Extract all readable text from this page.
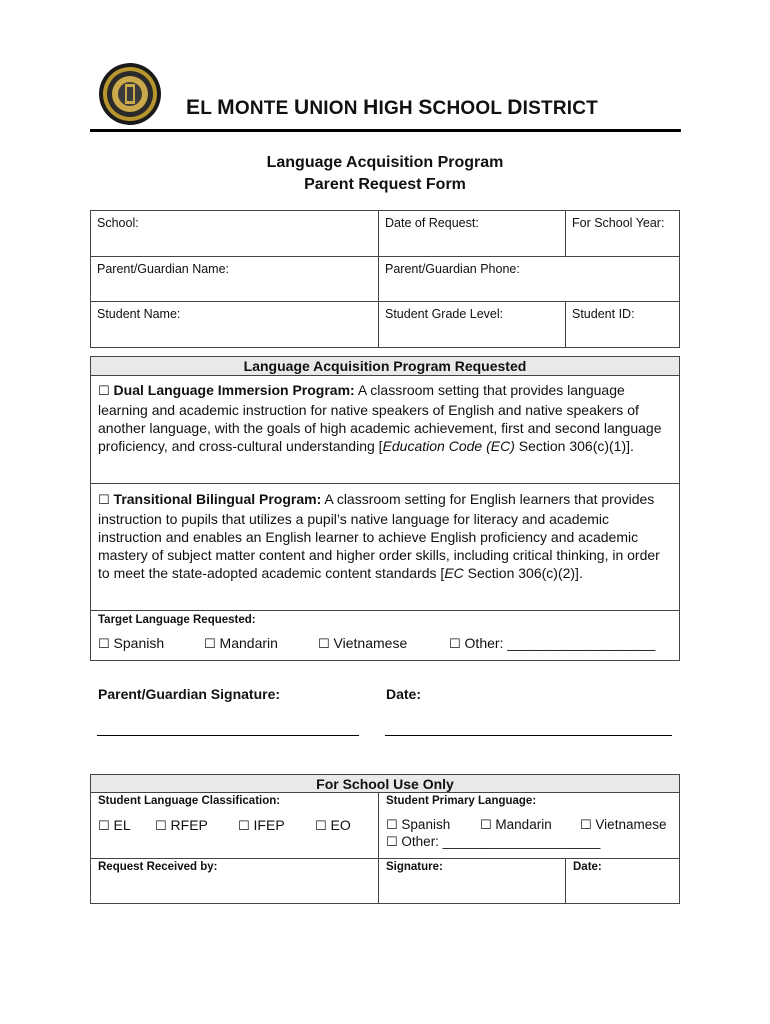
EL MONTE UNION HIGH SCHOOL DISTRICT
Language Acquisition Program
Parent Request Form
School:	Date of Request:	For School Year:
Parent/Guardian Name:	Parent/Guardian Phone:
Student Name:	Student Grade Level:	Student ID:
Language Acquisition Program Requested
☐ Dual Language Immersion Program: A classroom setting that provides language learning and academic instruction for native speakers of English and native speakers of another language, with the goals of high academic achievement, first and second language proficiency, and cross-cultural understanding [Education Code (EC) Section 306(c)(1)].
☐ Transitional Bilingual Program: A classroom setting for English learners that provides instruction to pupils that utilizes a pupil’s native language for literacy and academic instruction and enables an English learner to achieve English proficiency and academic mastery of subject matter content and higher order skills, including critical thinking, in order to meet the state-adopted academic content standards [EC Section 306(c)(2)].
Target Language Requested:
☐ Spanish	☐ Mandarin	☐ Vietnamese	☐ Other: ___________________
Parent/Guardian Signature:	Date:
For School Use Only
Student Language Classification:	Student Primary Language:
☐ EL ☐ RFEP ☐ IFEP ☐ EO	☐ Spanish ☐ Mandarin ☐ Vietnamese
☐ Other: _____________________
Request Received by:	Signature:	Date:
